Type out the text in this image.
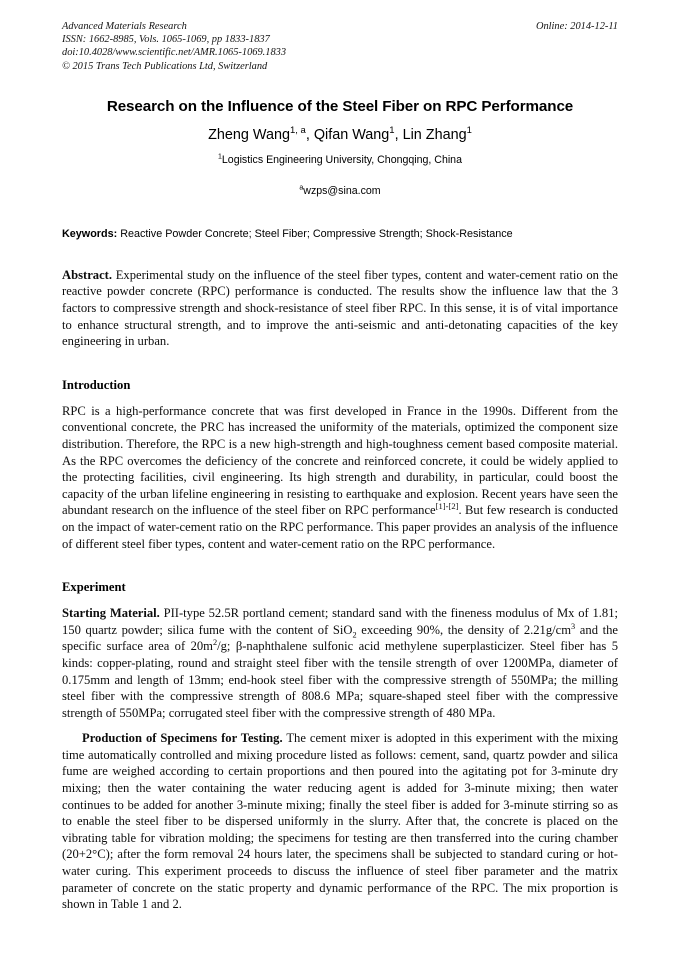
Online: 2014-12-11
Advanced Materials Research
ISSN: 1662-8985, Vols. 1065-1069, pp 1833-1837
doi:10.4028/www.scientific.net/AMR.1065-1069.1833
© 2015 Trans Tech Publications Ltd, Switzerland
Research on the Influence of the Steel Fiber on RPC Performance
Zheng Wang$^{1, a}$, Qifan Wang$^1$, Lin Zhang$^1$
$^1$Logistics Engineering University, Chongqing, China
$^a$wzps@sina.com
Keywords: Reactive Powder Concrete; Steel Fiber; Compressive Strength; Shock-Resistance
Abstract. Experimental study on the influence of the steel fiber types, content and water-cement ratio on the reactive powder concrete (RPC) performance is conducted. The results show the influence law that the 3 factors to compressive strength and shock-resistance of steel fiber RPC. In this sense, it is of vital importance to enhance structural strength, and to improve the anti-seismic and anti-detonating capacities of the key engineering in urban.
Introduction
RPC is a high-performance concrete that was first developed in France in the 1990s. Different from the conventional concrete, the PRC has increased the uniformity of the materials, optimized the component size distribution. Therefore, the RPC is a new high-strength and high-toughness cement based composite material. As the RPC overcomes the deficiency of the concrete and reinforced concrete, it could be widely applied to the protecting facilities, civil engineering. Its high strength and durability, in particular, could boost the capacity of the urban lifeline engineering in resisting to earthquake and explosion. Recent years have seen the abundant research on the influence of the steel fiber on RPC performance[1]-[2]. But few research is conducted on the impact of water-cement ratio on the RPC performance. This paper provides an analysis of the influence of different steel fiber types, content and water-cement ratio on the RPC performance.
Experiment
Starting Material. PII-type 52.5R portland cement; standard sand with the fineness modulus of Mx of 1.81; 150 quartz powder; silica fume with the content of SiO$_2$ exceeding 90%, the density of $2.21g/cm^3$ and the specific surface area of $20m^2/g$; β-naphthalene sulfonic acid methylene superplasticizer. Steel fiber has 5 kinds: copper-plating, round and straight steel fiber with the tensile strength of over 1200MPa, diameter of 0.175mm and length of 13mm; end-hook steel fiber with the compressive strength of 550MPa; the milling steel fiber with the compressive strength of 808.6 MPa; square-shaped steel fiber with the compressive strength of 550MPa; corrugated steel fiber with the compressive strength of 480 MPa.
Production of Specimens for Testing. The cement mixer is adopted in this experiment with the mixing time automatically controlled and mixing procedure listed as follows: cement, sand, quartz powder and silica fume are weighed according to certain proportions and then poured into the agitating pot for 3-minute dry mixing; then the water containing the water reducing agent is added for 3-minute mixing; then water continues to be added for another 3-minute mixing; finally the steel fiber is added for 3-minute stirring so as to enable the steel fiber to be dispersed uniformly in the slurry. After that, the concrete is placed on the vibrating table for vibration molding; the specimens for testing are then transferred into the curing chamber (20+2°C); after the form removal 24 hours later, the specimens shall be subjected to standard curing or hot-water curing. This experiment proceeds to discuss the influence of steel fiber parameter and the matrix parameter of concrete on the static property and dynamic performance of the RPC. The mix proportion is shown in Table 1 and 2.
